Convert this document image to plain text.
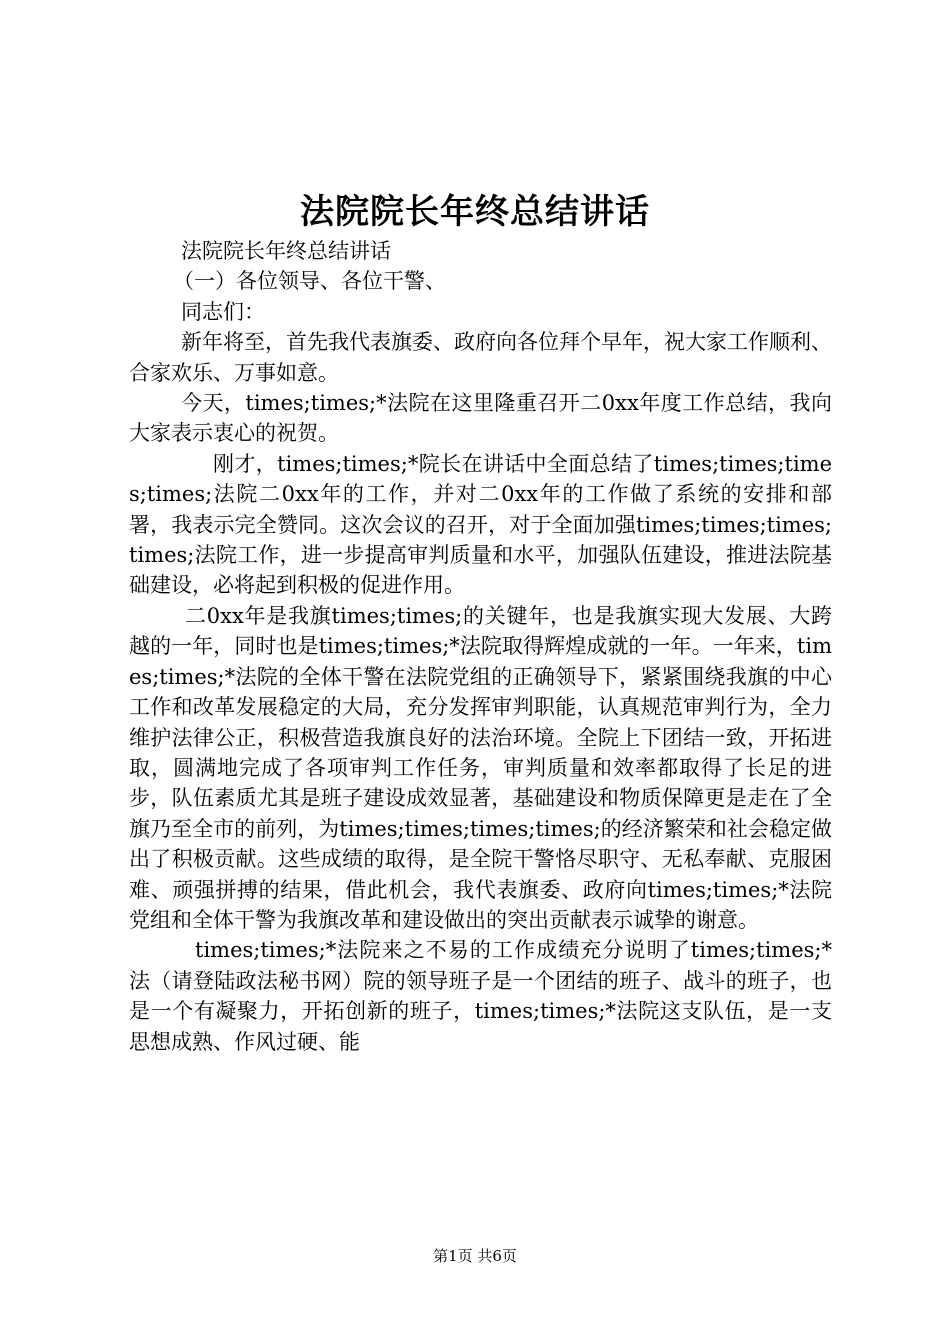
法院院长年终总结讲话

法院院长年终总结讲话

（一）各位领导、各位干警、

同志们：

新年将至，首先我代表旗委、政府向各位拜个早年，祝大家工作顺利、合家欢乐、万事如意。

今天，times;times;*法院在这里隆重召开二0xx年度工作总结，我向大家表示衷心的祝贺。

刚才，times;times;*院长在讲话中全面总结了times;times;times;times;法院二0xx年的工作，并对二0xx年的工作做了系统的安排和部署，我表示完全赞同。这次会议的召开，对于全面加强times;times;times;times;法院工作，进一步提高审判质量和水平，加强队伍建设，推进法院基础建设，必将起到积极的促进作用。

二0xx年是我旗times;times;的关键年，也是我旗实现大发展、大跨越的一年，同时也是times;times;*法院取得辉煌成就的一年。一年来，times;times;*法院的全体干警在法院党组的正确领导下，紧紧围绕我旗的中心工作和改革发展稳定的大局，充分发挥审判职能，认真规范审判行为，全力维护法律公正，积极营造我旗良好的法治环境。全院上下团结一致，开拓进取，圆满地完成了各项审判工作任务，审判质量和效率都取得了长足的进步，队伍素质尤其是班子建设成效显著，基础建设和物质保障更是走在了全旗乃至全市的前列，为times;times;times;times;的经济繁荣和社会稳定做出了积极贡献。这些成绩的取得，是全院干警恪尽职守、无私奉献、克服困难、顽强拼搏的结果，借此机会，我代表旗委、政府向times;times;*法院党组和全体干警为我旗改革和建设做出的突出贡献表示诚挚的谢意。

times;times;*法院来之不易的工作成绩充分说明了times;times;*法（请登陆政法秘书网）院的领导班子是一个团结的班子、战斗的班子，也是一个有凝聚力，开拓创新的班子，times;times;*法院这支队伍，是一支思想成熟、作风过硬、能

第1页 共6页
